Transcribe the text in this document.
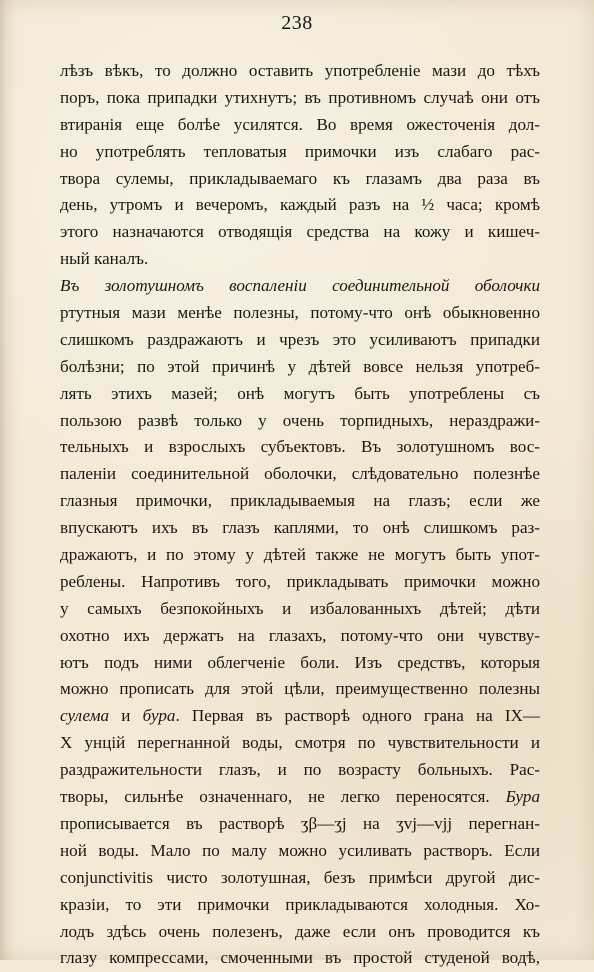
238
лѣзъ вѣкъ, то должно оставить употребленіе мази до тѣхъ
поръ, пока припадки утихнутъ; въ противномъ случаѣ они отъ
втиранія еще болѣе усилятся. Во время ожесточенія дол-
но употреблять тепловатыя примочки изъ слабаго рас-
твора сулемы, прикладываемаго къ глазамъ два раза въ
день, утромъ и вечеромъ, каждый разъ на ½ часа; кромѣ
этого назначаются отводящія средства на кожу и кишеч-
ный каналъ.
Въ золотушномъ воспаленіи соединительной оболочки
ртутныя мази менѣе полезны, потому-что онѣ обыкновенно
слишкомъ раздражаютъ и чрезъ это усиливаютъ припадки
болѣзни; по этой причинѣ у дѣтей вовсе нельзя употреб-
лять этихъ мазей; онѣ могутъ быть употреблены съ
пользою развѣ только у очень торпидныхъ, нераздражи-
тельныхъ и взрослыхъ субъектовъ. Въ золотушномъ вос-
паленіи соединительной оболочки, слѣдовательно полезнѣе
глазныя примочки, прикладываемыя на глазъ; если же
впускаютъ ихъ въ глазъ каплями, то онѣ слишкомъ раз-
дражаютъ, и по этому у дѣтей также не могутъ быть упот-
реблены. Напротивъ того, прикладывать примочки можно
у самыхъ безпокойныхъ и избалованныхъ дѣтей; дѣти
охотно ихъ держатъ на глазахъ, потому-что они чувству-
ютъ подъ ними облегченіе боли. Изъ средствъ, которыя
можно прописать для этой цѣли, преимущественно полезны
сулема и бура. Первая въ растворѣ одного грана на IX—
X унцій перегнанной воды, смотря по чувствительности и
раздражительности глазъ, и по возрасту больныхъ. Рас-
творы, сильнѣе означеннаго, не легко переносятся. Бура
прописывается въ растворѣ ʒβ—ʒj на ʒvj—vjj перегнан-
ной воды. Мало по малу можно усиливать растворъ. Если
conjunctivitis чисто золотушная, безъ примѣси другой дис-
кразіи, то эти примочки прикладываются холодныя. Хо-
лодъ здѣсь очень полезенъ, даже если онъ проводится къ
глазу компрессами, смоченными въ простой студеной водѣ,
